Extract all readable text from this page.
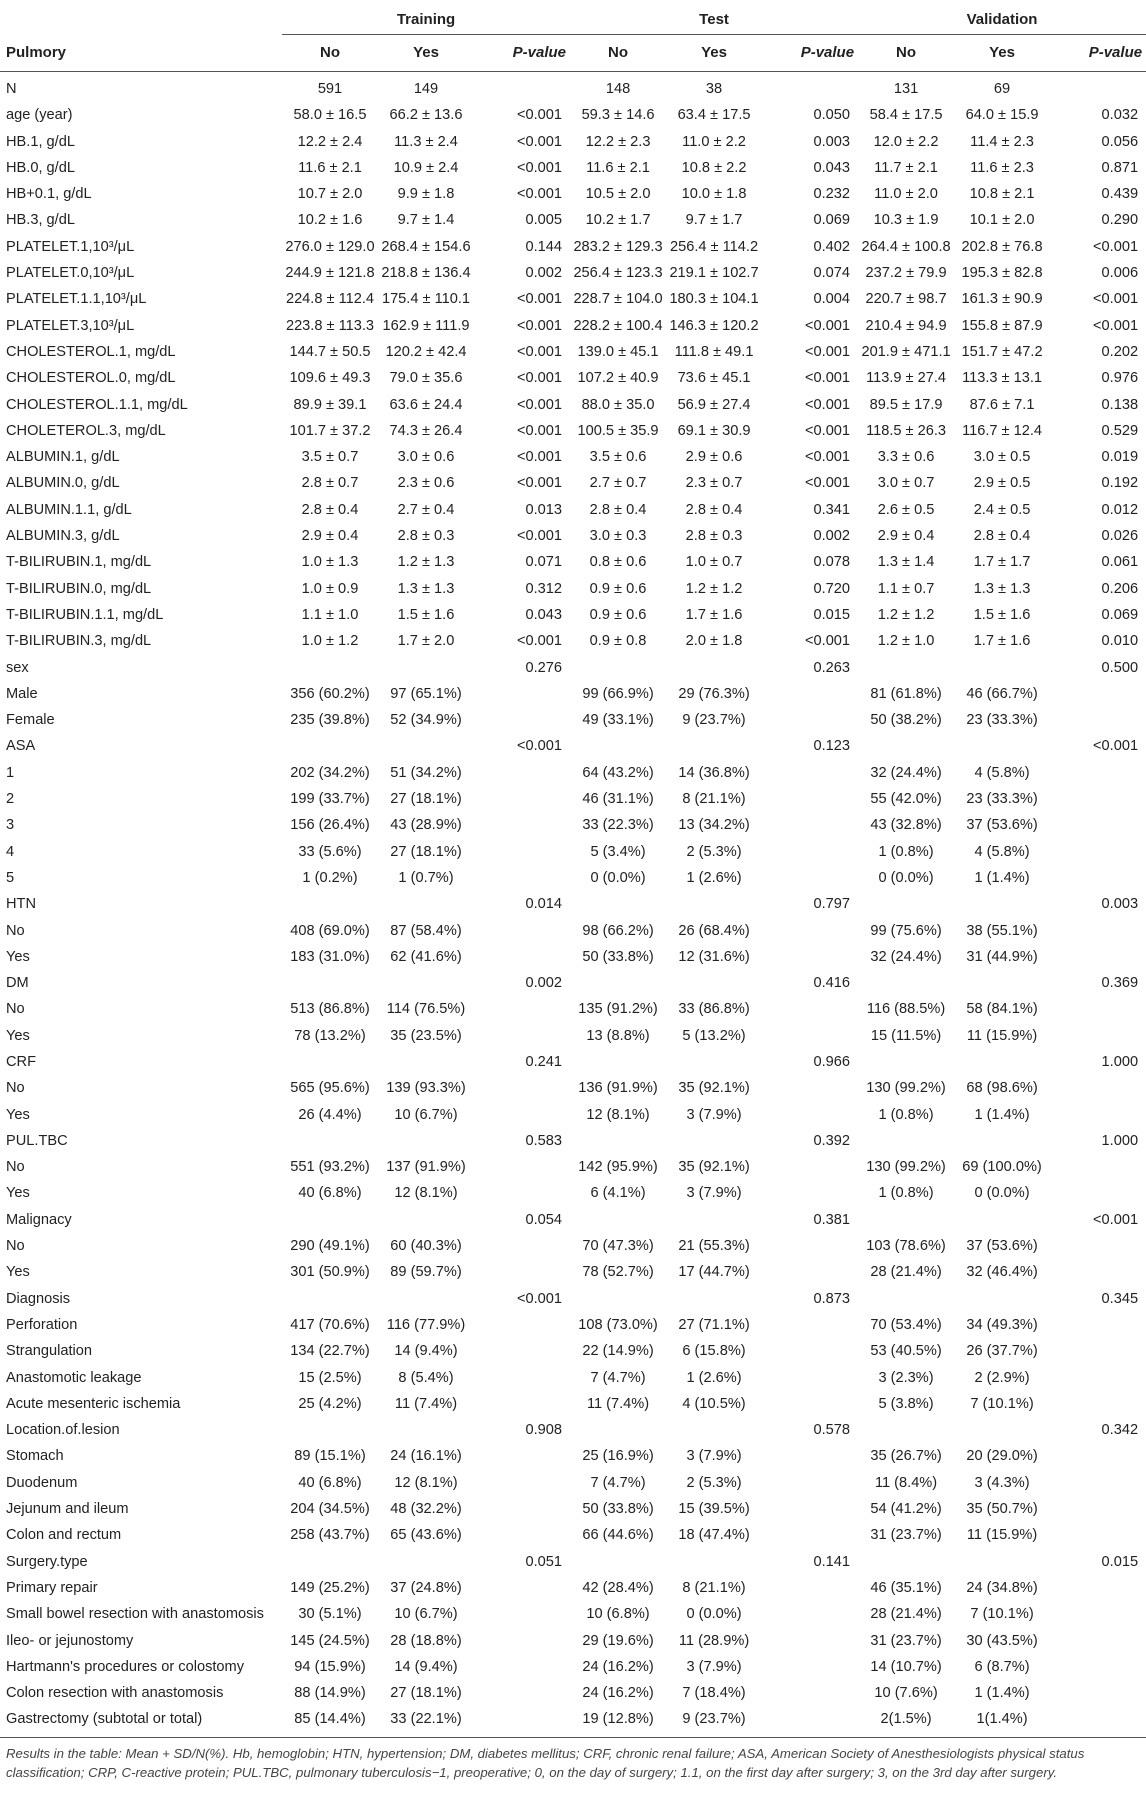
	Training			Test			Validation		
Pulmory	No	Yes	P-value	No	Yes	P-value	No	Yes	P-value
N	591	149		148	38		131	69	
age (year)	58.0 ± 16.5	66.2 ± 13.6	<0.001	59.3 ± 14.6	63.4 ± 17.5	0.050	58.4 ± 17.5	64.0 ± 15.9	0.032
HB.1, g/dL	12.2 ± 2.4	11.3 ± 2.4	<0.001	12.2 ± 2.3	11.0 ± 2.2	0.003	12.0 ± 2.2	11.4 ± 2.3	0.056
HB.0, g/dL	11.6 ± 2.1	10.9 ± 2.4	<0.001	11.6 ± 2.1	10.8 ± 2.2	0.043	11.7 ± 2.1	11.6 ± 2.3	0.871
HB+0.1, g/dL	10.7 ± 2.0	9.9 ± 1.8	<0.001	10.5 ± 2.0	10.0 ± 1.8	0.232	11.0 ± 2.0	10.8 ± 2.1	0.439
HB.3, g/dL	10.2 ± 1.6	9.7 ± 1.4	0.005	10.2 ± 1.7	9.7 ± 1.7	0.069	10.3 ± 1.9	10.1 ± 2.0	0.290
PLATELET.1,10³/μL	276.0 ± 129.0	268.4 ± 154.6	0.144	283.2 ± 129.3	256.4 ± 114.2	0.402	264.4 ± 100.8	202.8 ± 76.8	<0.001
PLATELET.0,10³/μL	244.9 ± 121.8	218.8 ± 136.4	0.002	256.4 ± 123.3	219.1 ± 102.7	0.074	237.2 ± 79.9	195.3 ± 82.8	0.006
PLATELET.1.1,10³/μL	224.8 ± 112.4	175.4 ± 110.1	<0.001	228.7 ± 104.0	180.3 ± 104.1	0.004	220.7 ± 98.7	161.3 ± 90.9	<0.001
PLATELET.3,10³/μL	223.8 ± 113.3	162.9 ± 111.9	<0.001	228.2 ± 100.4	146.3 ± 120.2	<0.001	210.4 ± 94.9	155.8 ± 87.9	<0.001
CHOLESTEROL.1, mg/dL	144.7 ± 50.5	120.2 ± 42.4	<0.001	139.0 ± 45.1	111.8 ± 49.1	<0.001	201.9 ± 471.1	151.7 ± 47.2	0.202
CHOLESTEROL.0, mg/dL	109.6 ± 49.3	79.0 ± 35.6	<0.001	107.2 ± 40.9	73.6 ± 45.1	<0.001	113.9 ± 27.4	113.3 ± 13.1	0.976
CHOLESTEROL.1.1, mg/dL	89.9 ± 39.1	63.6 ± 24.4	<0.001	88.0 ± 35.0	56.9 ± 27.4	<0.001	89.5 ± 17.9	87.6 ± 7.1	0.138
CHOLETEROL.3, mg/dL	101.7 ± 37.2	74.3 ± 26.4	<0.001	100.5 ± 35.9	69.1 ± 30.9	<0.001	118.5 ± 26.3	116.7 ± 12.4	0.529
ALBUMIN.1, g/dL	3.5 ± 0.7	3.0 ± 0.6	<0.001	3.5 ± 0.6	2.9 ± 0.6	<0.001	3.3 ± 0.6	3.0 ± 0.5	0.019
ALBUMIN.0, g/dL	2.8 ± 0.7	2.3 ± 0.6	<0.001	2.7 ± 0.7	2.3 ± 0.7	<0.001	3.0 ± 0.7	2.9 ± 0.5	0.192
ALBUMIN.1.1, g/dL	2.8 ± 0.4	2.7 ± 0.4	0.013	2.8 ± 0.4	2.8 ± 0.4	0.341	2.6 ± 0.5	2.4 ± 0.5	0.012
ALBUMIN.3, g/dL	2.9 ± 0.4	2.8 ± 0.3	<0.001	3.0 ± 0.3	2.8 ± 0.3	0.002	2.9 ± 0.4	2.8 ± 0.4	0.026
T-BILIRUBIN.1, mg/dL	1.0 ± 1.3	1.2 ± 1.3	0.071	0.8 ± 0.6	1.0 ± 0.7	0.078	1.3 ± 1.4	1.7 ± 1.7	0.061
T-BILIRUBIN.0, mg/dL	1.0 ± 0.9	1.3 ± 1.3	0.312	0.9 ± 0.6	1.2 ± 1.2	0.720	1.1 ± 0.7	1.3 ± 1.3	0.206
T-BILIRUBIN.1.1, mg/dL	1.1 ± 1.0	1.5 ± 1.6	0.043	0.9 ± 0.6	1.7 ± 1.6	0.015	1.2 ± 1.2	1.5 ± 1.6	0.069
T-BILIRUBIN.3, mg/dL	1.0 ± 1.2	1.7 ± 2.0	<0.001	0.9 ± 0.8	2.0 ± 1.8	<0.001	1.2 ± 1.0	1.7 ± 1.6	0.010
sex			0.276			0.263			0.500
Male	356 (60.2%)	97 (65.1%)		99 (66.9%)	29 (76.3%)		81 (61.8%)	46 (66.7%)	
Female	235 (39.8%)	52 (34.9%)		49 (33.1%)	9 (23.7%)		50 (38.2%)	23 (33.3%)	
ASA			<0.001			0.123			<0.001
1	202 (34.2%)	51 (34.2%)		64 (43.2%)	14 (36.8%)		32 (24.4%)	4 (5.8%)	
2	199 (33.7%)	27 (18.1%)		46 (31.1%)	8 (21.1%)		55 (42.0%)	23 (33.3%)	
3	156 (26.4%)	43 (28.9%)		33 (22.3%)	13 (34.2%)		43 (32.8%)	37 (53.6%)	
4	33 (5.6%)	27 (18.1%)		5 (3.4%)	2 (5.3%)		1 (0.8%)	4 (5.8%)	
5	1 (0.2%)	1 (0.7%)		0 (0.0%)	1 (2.6%)		0 (0.0%)	1 (1.4%)	
HTN			0.014			0.797			0.003
No	408 (69.0%)	87 (58.4%)		98 (66.2%)	26 (68.4%)		99 (75.6%)	38 (55.1%)	
Yes	183 (31.0%)	62 (41.6%)		50 (33.8%)	12 (31.6%)		32 (24.4%)	31 (44.9%)	
DM			0.002			0.416			0.369
No	513 (86.8%)	114 (76.5%)		135 (91.2%)	33 (86.8%)		116 (88.5%)	58 (84.1%)	
Yes	78 (13.2%)	35 (23.5%)		13 (8.8%)	5 (13.2%)		15 (11.5%)	11 (15.9%)	
CRF			0.241			0.966			1.000
No	565 (95.6%)	139 (93.3%)		136 (91.9%)	35 (92.1%)		130 (99.2%)	68 (98.6%)	
Yes	26 (4.4%)	10 (6.7%)		12 (8.1%)	3 (7.9%)		1 (0.8%)	1 (1.4%)	
PUL.TBC			0.583			0.392			1.000
No	551 (93.2%)	137 (91.9%)		142 (95.9%)	35 (92.1%)		130 (99.2%)	69 (100.0%)	
Yes	40 (6.8%)	12 (8.1%)		6 (4.1%)	3 (7.9%)		1 (0.8%)	0 (0.0%)	
Malignacy			0.054			0.381			<0.001
No	290 (49.1%)	60 (40.3%)		70 (47.3%)	21 (55.3%)		103 (78.6%)	37 (53.6%)	
Yes	301 (50.9%)	89 (59.7%)		78 (52.7%)	17 (44.7%)		28 (21.4%)	32 (46.4%)	
Diagnosis			<0.001			0.873			0.345
Perforation	417 (70.6%)	116 (77.9%)		108 (73.0%)	27 (71.1%)		70 (53.4%)	34 (49.3%)	
Strangulation	134 (22.7%)	14 (9.4%)		22 (14.9%)	6 (15.8%)		53 (40.5%)	26 (37.7%)	
Anastomotic leakage	15 (2.5%)	8 (5.4%)		7 (4.7%)	1 (2.6%)		3 (2.3%)	2 (2.9%)	
Acute mesenteric ischemia	25 (4.2%)	11 (7.4%)		11 (7.4%)	4 (10.5%)		5 (3.8%)	7 (10.1%)	
Location.of.lesion			0.908			0.578			0.342
Stomach	89 (15.1%)	24 (16.1%)		25 (16.9%)	3 (7.9%)		35 (26.7%)	20 (29.0%)	
Duodenum	40 (6.8%)	12 (8.1%)		7 (4.7%)	2 (5.3%)		11 (8.4%)	3 (4.3%)	
Jejunum and ileum	204 (34.5%)	48 (32.2%)		50 (33.8%)	15 (39.5%)		54 (41.2%)	35 (50.7%)	
Colon and rectum	258 (43.7%)	65 (43.6%)		66 (44.6%)	18 (47.4%)		31 (23.7%)	11 (15.9%)	
Surgery.type			0.051			0.141			0.015
Primary repair	149 (25.2%)	37 (24.8%)		42 (28.4%)	8 (21.1%)		46 (35.1%)	24 (34.8%)	
Small bowel resection with anastomosis	30 (5.1%)	10 (6.7%)		10 (6.8%)	0 (0.0%)		28 (21.4%)	7 (10.1%)	
Ileo- or jejunostomy	145 (24.5%)	28 (18.8%)		29 (19.6%)	11 (28.9%)		31 (23.7%)	30 (43.5%)	
Hartmann's procedures or colostomy	94 (15.9%)	14 (9.4%)		24 (16.2%)	3 (7.9%)		14 (10.7%)	6 (8.7%)	
Colon resection with anastomosis	88 (14.9%)	27 (18.1%)		24 (16.2%)	7 (18.4%)		10 (7.6%)	1 (1.4%)	
Gastrectomy (subtotal or total)	85 (14.4%)	33 (22.1%)		19 (12.8%)	9 (23.7%)		2(1.5%)	1(1.4%)	
Results in the table: Mean + SD/N(%). Hb, hemoglobin; HTN, hypertension; DM, diabetes mellitus; CRF, chronic renal failure; ASA, American Society of Anesthesiologists physical status classification; CRP, C-reactive protein; PUL.TBC, pulmonary tuberculosis−1, preoperative; 0, on the day of surgery; 1.1, on the first day after surgery; 3, on the 3rd day after surgery.
